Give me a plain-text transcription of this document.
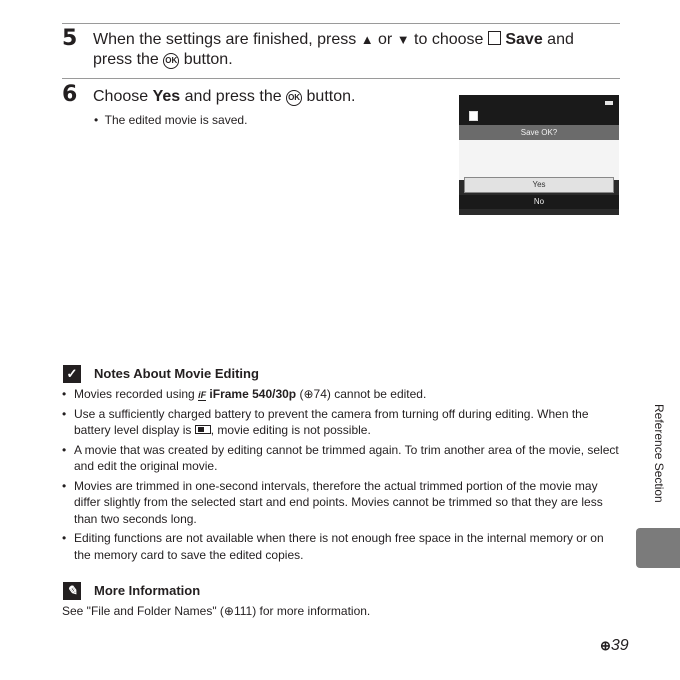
5 When the settings are finished, press ▲ or ▼ to choose Save and
press the OK button.
6 Choose Yes and press the OK button.
• The edited movie is saved.
Save OK?
Yes
No
✓ Notes About Movie Editing
• Movies recorded using iF iFrame 540/30p (⊕74) cannot be edited.
• Use a sufficiently charged battery to prevent the camera from turning off during editing. When the battery level display is , movie editing is not possible.
• A movie that was created by editing cannot be trimmed again. To trim another area of the movie, select and edit the original movie.
• Movies are trimmed in one-second intervals, therefore the actual trimmed portion of the movie may differ slightly from the selected start and end points. Movies cannot be trimmed so that they are less than two seconds long.
• Editing functions are not available when there is not enough free space in the internal memory or on the memory card to save the edited copies.
✎ More Information
See "File and Folder Names" (⊕111) for more information.
Reference Section
⊕39
